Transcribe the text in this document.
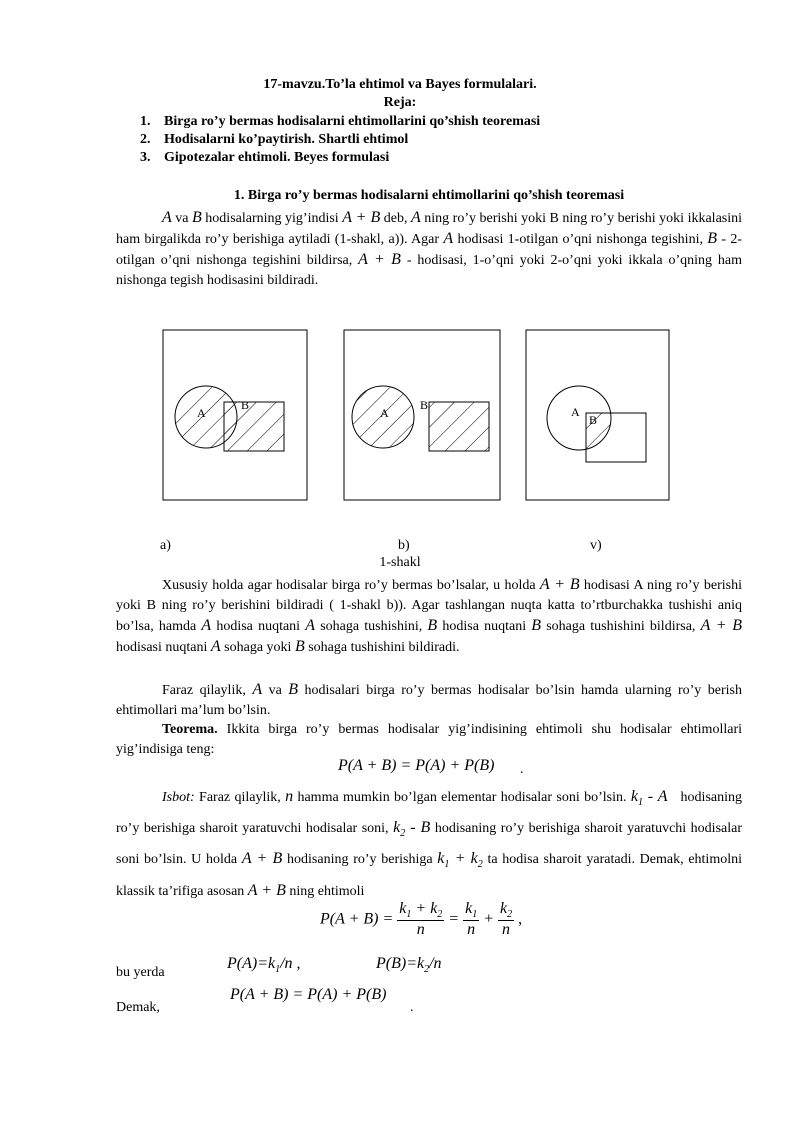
17-mavzu.To’la ehtimol va Bayes formulalari.
Reja:
1. Birga ro’y bermas hodisalarni ehtimollarini qo’shish teoremasi
2. Hodisalarni ko’paytirish. Shartli ehtimol
3. Gipotezalar ehtimoli. Beyes formulasi
1. Birga ro’y bermas hodisalarni ehtimollarini qo’shish teoremasi
A va B hodisalarning yig’indisi A + B deb, A ning ro’y berishi yoki B ning ro’y berishi yoki ikkalasini ham birgalikda ro’y berishiga aytiladi (1-shakl, a)). Agar A hodisasi 1-otilgan o’qni nishonga tegishini, B - 2-otilgan o’qni nishonga tegishini bildirsa, A + B - hodisasi, 1-o’qni yoki 2-o’qni yoki ikkala o’qning ham nishonga tegish hodisasini bildiradi.
A
B
A
B	A
B
a)	b)	v)
1-shakl
Xususiy holda agar hodisalar birga ro’y bermas bo’lsalar, u holda A + B hodisasi A ning ro’y berishi yoki B ning ro’y berishini bildiradi ( 1-shakl b)). Agar tashlangan nuqta katta to’rtburchakka tushishi aniq bo’lsa, hamda A hodisa nuqtani A sohaga tushishini, B hodisa nuqtani B sohaga tushishini bildirsa, A + B hodisasi nuqtani A sohaga yoki B sohaga tushishini bildiradi.
Faraz qilaylik, A va B hodisalari birga ro’y bermas hodisalar bo’lsin hamda ularning ro’y berish ehtimollari ma’lum bo’lsin.
Teorema. Ikkita birga ro’y bermas hodisalar yig’indisining ehtimoli shu hodisalar ehtimollari yig’indisiga teng:
P(A + B) = P(A) + P(B) .
Isbot: Faraz qilaylik, n hamma mumkin bo’lgan elementar hodisalar soni bo’lsin. $k_1$ - A   hodisaning ro’y berishiga sharoit yaratuvchi hodisalar soni, $k_2$ - B hodisaning ro’y berishiga sharoit yaratuvchi hodisalar soni bo’lsin. U holda A + B hodisaning ro’y berishiga $k_1 + k_2$ ta hodisa sharoit yaratadi. Demak, ehtimolni klassik ta’rifiga asosan A + B ning ehtimoli
$P(A + B) = \frac{k_1 + k_2}{n} = \frac{k_1}{n} + \frac{k_2}{n}$ ,
bu yerda
$P(A)=k_1/n$ ,	$P(B)=k_2/n$
Demak,
P(A + B) = P(A) + P(B)
.
